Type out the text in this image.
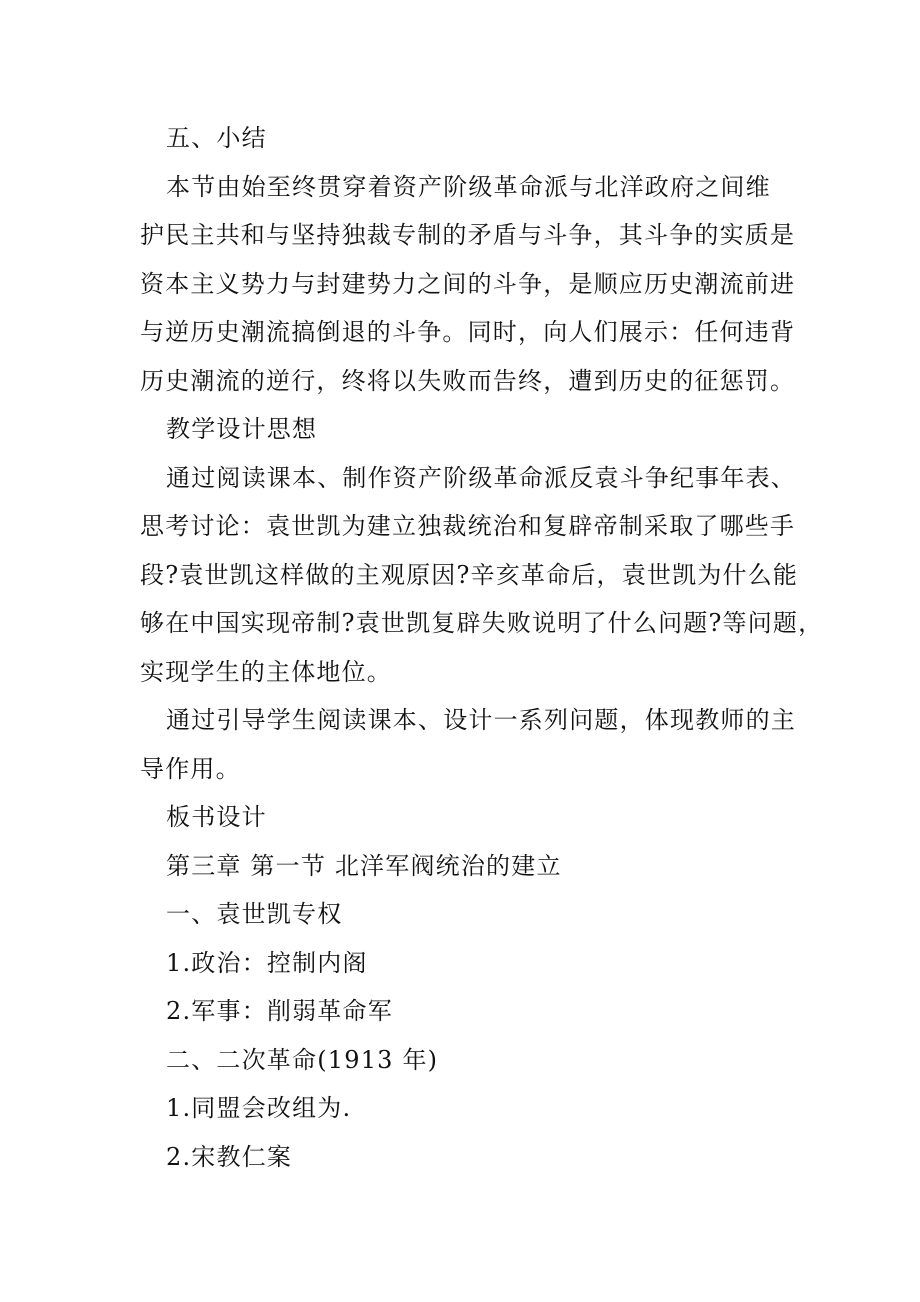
五、小结
本节由始至终贯穿着资产阶级革命派与北洋政府之间维
护民主共和与坚持独裁专制的矛盾与斗争，其斗争的实质是
资本主义势力与封建势力之间的斗争，是顺应历史潮流前进
与逆历史潮流搞倒退的斗争。同时，向人们展示：任何违背
历史潮流的逆行，终将以失败而告终，遭到历史的征惩罚。
教学设计思想
通过阅读课本、制作资产阶级革命派反袁斗争纪事年表、
思考讨论：袁世凯为建立独裁统治和复辟帝制采取了哪些手
段?袁世凯这样做的主观原因?辛亥革命后，袁世凯为什么能
够在中国实现帝制?袁世凯复辟失败说明了什么问题?等问题，
实现学生的主体地位。
通过引导学生阅读课本、设计一系列问题，体现教师的主
导作用。
板书设计
第三章 第一节 北洋军阀统治的建立
一、袁世凯专权
1.政治：控制内阁
2.军事：削弱革命军
二、二次革命(1913 年)
1.同盟会改组为.
2.宋教仁案
